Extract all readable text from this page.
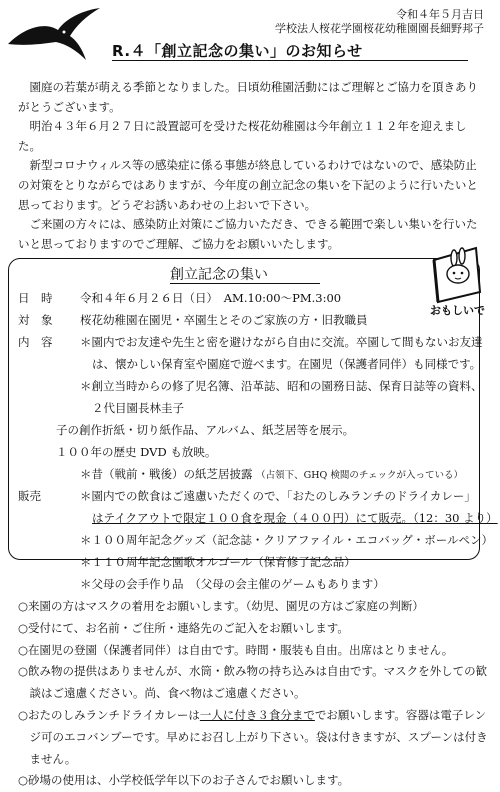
令和４年５月吉日
学校法人桜花学園桜花幼稚園園長細野邦子
R.４「創立記念の集い」のお知らせ

園庭の若葉が萌える季節となりました。日頃幼稚園活動にはご理解とご協力を頂きありがとうございます。

明治４３年６月２７日に設置認可を受けた桜花幼稚園は今年創立１１２年を迎えました。

新型コロナウィルス等の感染症に係る事態が終息しているわけではないので、感染防止の対策をとりながらではありますが、今年度の創立記念の集いを下記のように行いたいと思っております。どうぞお誘いあわせの上おいで下さい。

ご来園の方々には、感染防止対策にご協力いただき、できる範囲で楽しい集いを行いたいと思っておりますのでご理解、ご協力をお願いいたします。

創立記念の集い
おもしいで
日　時	令和４年６月２６日（日）　AM.10:00〜PM.3:00
対　象	桜花幼稚園在園児・卒園生とそのご家族の方・旧教職員
内　容	＊園内でお友達や先生と密を避けながら自由に交流。卒園して間もないお友達
は、懐かしい保育室や園庭で遊べます。在園児（保護者同伴）も同様です。
＊創立当時からの修了児名簿、沿革誌、昭和の園務日誌、保育日誌等の資料、
２代目園長林圭子
子の創作折紙・切り紙作品、アルバム、紙芝居等を展示。
１００年の歴史 DVD も放映。
＊昔（戦前・戦後）の紙芝居披露 （占領下、GHQ 検閲のチェックが入っている）
販売	＊園内での飲食はご遠慮いただくので、「おたのしみランチのドライカレー」
はテイクアウトで限定１００食を現金（４００円）にて販売。（12：30 より）
＊１００周年記念グッズ（記念誌・クリアファイル・エコバッグ・ボールペン）
＊１１０周年記念園歌オルゴール（保育修了記念品）
＊父母の会手作り品　（父母の会主催のゲームもあります）
○来園の方はマスクの着用をお願いします。（幼児、園児の方はご家庭の判断）
○受付にて、お名前・ご住所・連絡先のご記入をお願いします。
○在園児の登園（保護者同伴）は自由です。時間・服装も自由。出席はとりません。
○飲み物の提供はありませんが、水筒・飲み物の持ち込みは自由です。マスクを外しての歓談はご遠慮ください。尚、食べ物はご遠慮ください。
○おたのしみランチドライカレーは一人に付き３食分まででお願いします。容器は電子レンジ可のエコバンブーです。早めにお召し上がり下さい。袋は付きますが、スプーンは付きません。
○砂場の使用は、小学校低学年以下のお子さんでお願いします。
